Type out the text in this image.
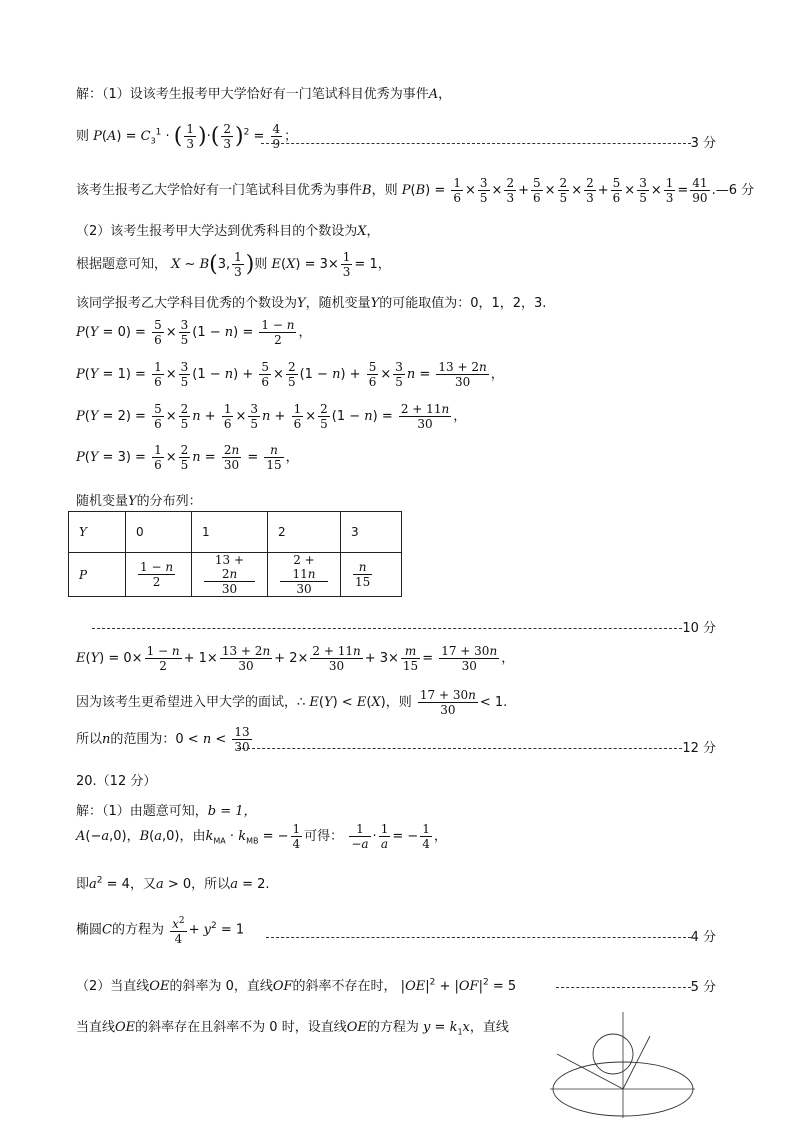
解：（1）设该考生报考甲大学恰好有一门笔试科目优秀为事件A，
则 $P(A) = C_3^1$ · ( $\frac{1}{3}$ )·( $\frac{2}{3} )^2 = \frac{4}{9}$ ；	3 分
该考生报考乙大学恰好有一门笔试科目优秀为事件B，则 $P(B) = \frac{1}{6} \times \frac{3}{5} \times \frac{2}{3} + \frac{5}{6} \times \frac{2}{5} \times \frac{2}{3} + \frac{5}{6} \times \frac{3}{5} \times \frac{1}{3} = \frac{41}{90}$ .—6 分
（2）该考生报考甲大学达到优秀科目的个数设为X，
根据题意可知， X ~ B(3, $\frac{1}{3}$ )则 $E(X) = 3\times \frac{1}{3} = 1$，
该同学报考乙大学科目优秀的个数设为Y，随机变量Y的可能取值为：0，1，2，3.
$P(Y = 0) = \frac{5}{6} \times \frac{3}{5} (1 - n) = \frac{1 - n}{2}$ ，
$P(Y = 1) = \frac{1}{6} \times \frac{3}{5} (1 - n) + \frac{5}{6} \times \frac{2}{5} (1 - n) + \frac{5}{6} \times \frac{3}{5}$ $n = \frac{13 + 2n}{30}$ ，
$P(Y = 2) = \frac{5}{6} \times \frac{2}{5}$ $n + \frac{1}{6} \times \frac{3}{5}$ $n + \frac{1}{6} \times \frac{2}{5} (1 - n) = \frac{2 + 11n}{30}$ ，
$P(Y = 3) = \frac{1}{6} \times \frac{2}{5}$ $n = \frac{2n}{30} = \frac{n}{15}$ ，
随机变量Y的分布列：
Y	0	1	2	3
P	$\frac{1 - n}{2}$	$\frac{13 + 2n}{30}$	$\frac{2 + 11n}{30}$	$\frac{n}{15}$
10 分
$E(Y) = 0\times \frac{1 - n}{2} + 1\times \frac{13 + 2n}{30} + 2\times \frac{2 + 11n}{30} + 3\times \frac{m}{15} = \frac{17 + 30n}{30}$ ，
因为该考生更希望进入甲大学的面试，∴ E(Y) < E(X)，则 $\frac{17 + 30n}{30} < 1$.
所以n的范围为：$0 < n < \frac{13}{30}$	12 分
20.（12 分）
解：（1）由题意可知，b = 1，
A(−a,0)，B(a,0)，由$k_{MA} \cdot k_{MB}$ = − $\frac{1}{4}$ 可得： $\frac{1}{-a} \cdot \frac{1}{a}$ = − $\frac{1}{4}$ ，
即$a^2 = 4$，又a > 0，所以a = 2.
椭圆C的方程为 $\frac{x^2}{4} + y^2 = 1$	4 分
（2）当直线OE的斜率为 0，直线OF的斜率不存在时， $|OE|^2 + |OF|^2 = 5$	5 分
当直线OE的斜率存在且斜率不为 0 时，设直线OE的方程为 $y = k_1x$，直线
